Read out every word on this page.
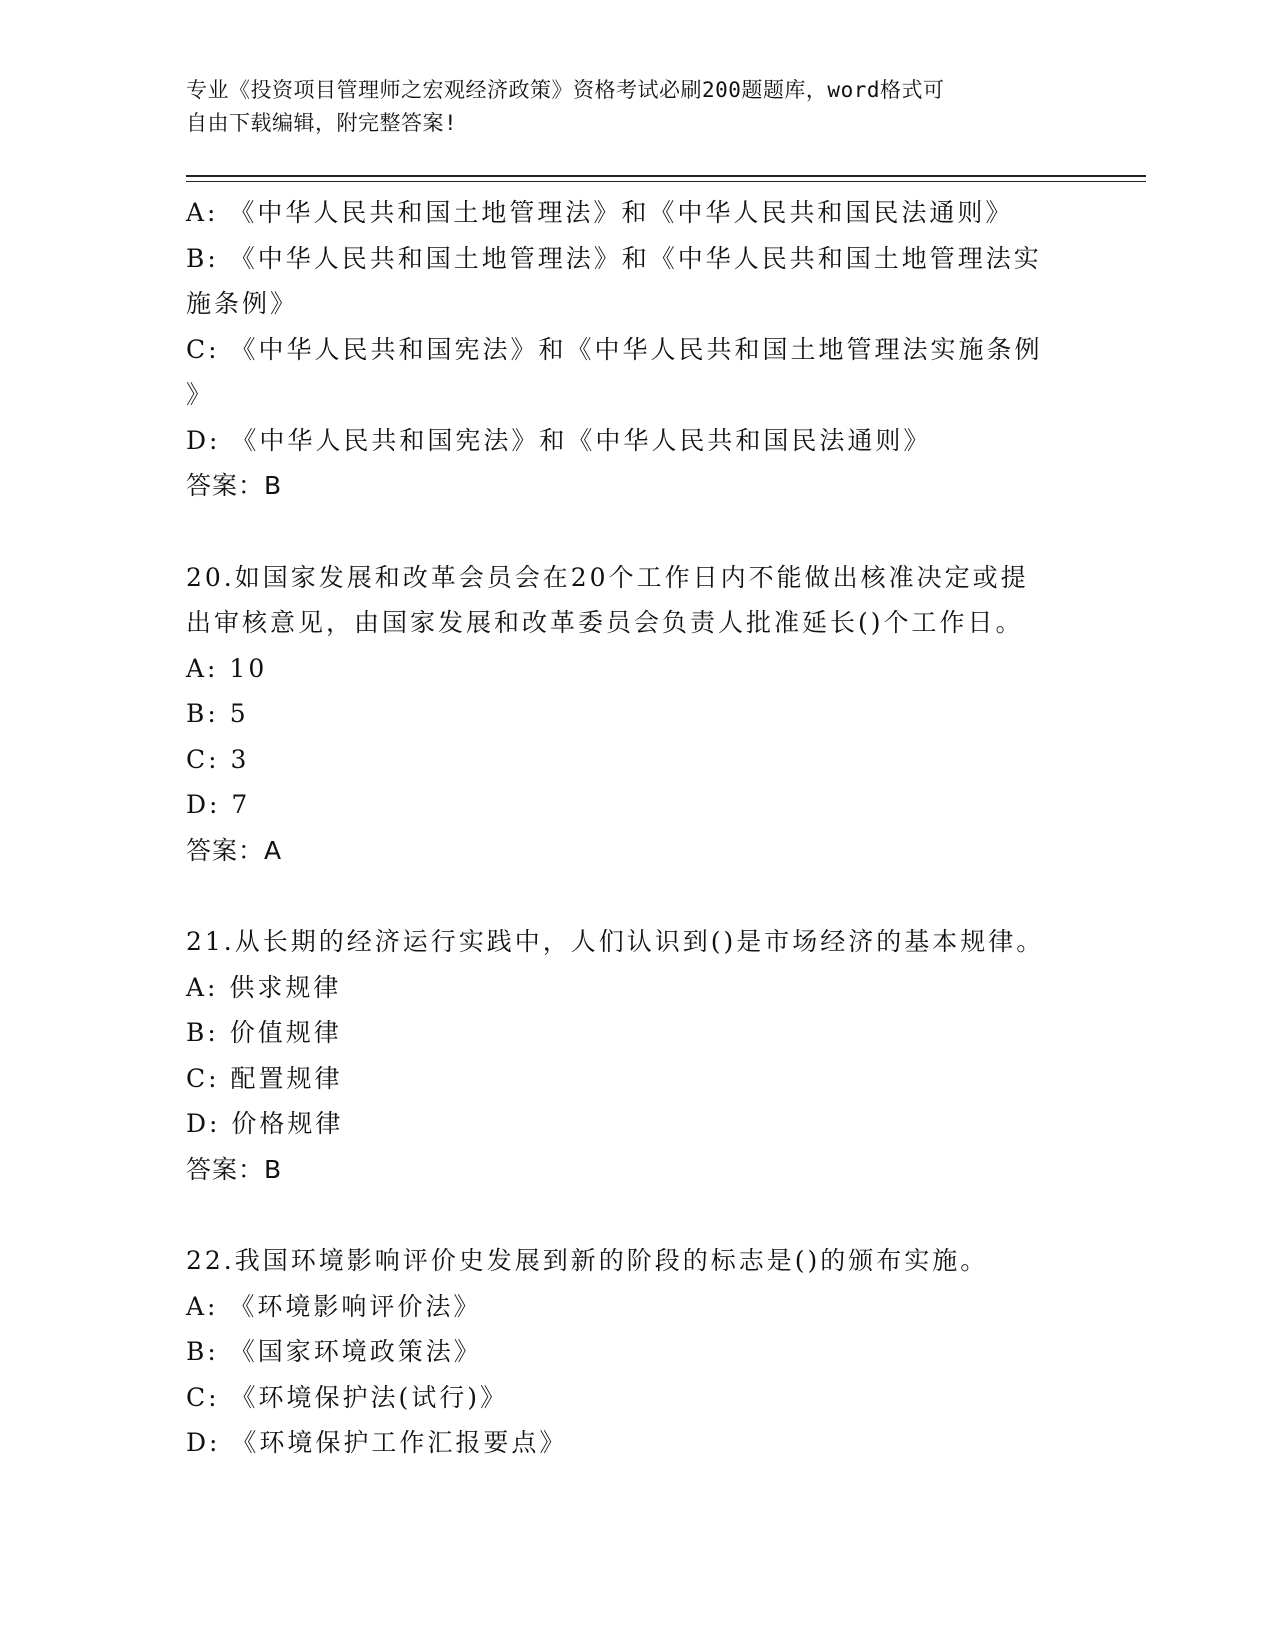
专业《投资项目管理师之宏观经济政策》资格考试必刷200题题库，word格式可
自由下载编辑，附完整答案!
A: 《中华人民共和国土地管理法》和《中华人民共和国民法通则》
B: 《中华人民共和国土地管理法》和《中华人民共和国土地管理法实
施条例》
C: 《中华人民共和国宪法》和《中华人民共和国土地管理法实施条例
》
D: 《中华人民共和国宪法》和《中华人民共和国民法通则》
答案：B
20.如国家发展和改革会员会在20个工作日内不能做出核准决定或提
出审核意见，由国家发展和改革委员会负责人批准延长()个工作日。
A: 10
B: 5
C: 3
D: 7
答案：A
21.从长期的经济运行实践中，人们认识到()是市场经济的基本规律。
A: 供求规律
B: 价值规律
C: 配置规律
D: 价格规律
答案：B
22.我国环境影响评价史发展到新的阶段的标志是()的颁布实施。
A: 《环境影响评价法》
B: 《国家环境政策法》
C: 《环境保护法(试行)》
D: 《环境保护工作汇报要点》
